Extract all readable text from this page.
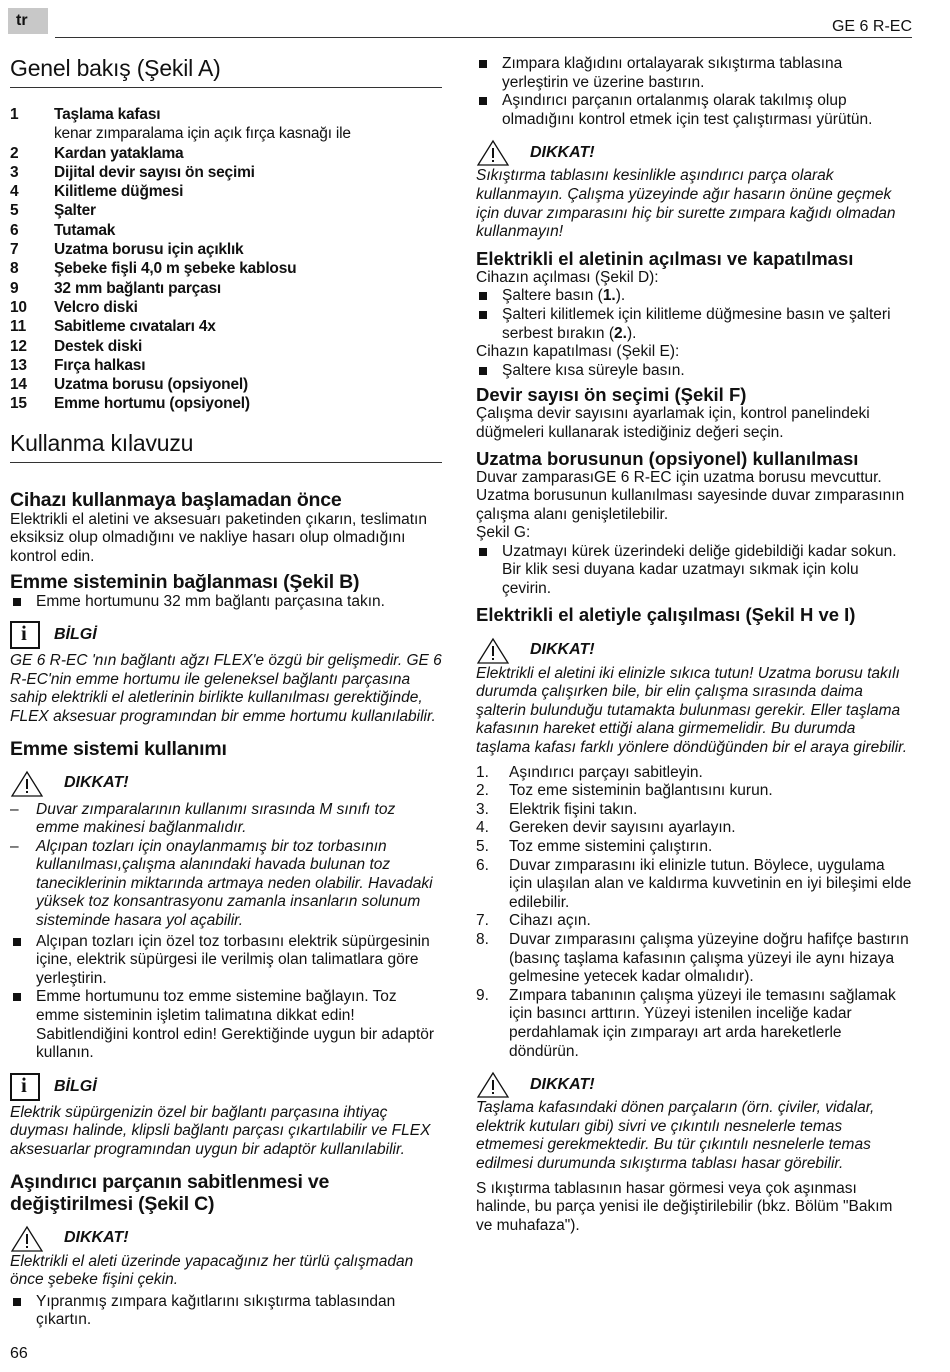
tr	GE 6 R-EC
Genel bakış (Şekil A)
1	Taşlama kafası
kenar zımparalama için açık fırça kasnağı ile
2	Kardan yataklama
3	Dijital devir sayısı ön seçimi
4	Kilitleme düğmesi
5	Şalter
6	Tutamak
7	Uzatma borusu için açıklık
8	Şebeke fişli 4,0 m şebeke kablosu
9	32 mm bağlantı parçası
10	Velcro diski
11	Sabitleme cıvataları 4x
12	Destek diski
13	Fırça halkası
14	Uzatma borusu (opsiyonel)
15	Emme hortumu (opsiyonel)
Kullanma kılavuzu
Cihazı kullanmaya başlamadan önce

Elektrikli el aletini ve aksesuarı paketinden çıkarın, teslimatın eksiksiz olup olmadığını ve nakliye hasarı olup olmadığını kontrol edin.

Emme sisteminin bağlanması (Şekil B)
Emme hortumunu 32 mm bağlantı parçasına takın.
i BİLGİ

GE 6 R-EC 'nın bağlantı ağzı FLEX'e özgü bir gelişmedir. GE 6 R-EC'nin emme hortumu ile geleneksel bağlantı parçasına sahip elektrikli el aletlerinin birlikte kullanılması gerektiğinde, FLEX aksesuar programından bir emme hortumu kullanılabilir.

Emme sistemi kullanımı
DIKKAT!
–	Duvar zımparalarının kullanımı sırasında M sınıfı toz emme makinesi bağlanmalıdır.
–	Alçıpan tozları için onaylanmamış bir toz torbasının kullanılması,çalışma alanındaki havada bulunan toz taneciklerinin miktarında artmaya neden olabilir. Havadaki yüksek toz konsantrasyonu zamanla insanların solunum sisteminde hasara yol açabilir.
Alçıpan tozları için özel toz torbasını elektrik süpürgesinin içine, elektrik süpürgesi ile verilmiş olan talimatlara göre yerleştirin.
Emme hortumunu toz emme sistemine bağlayın. Toz emme sisteminin işletim talimatına dikkat edin! Sabitlendiğini kontrol edin! Gerektiğinde uygun bir adaptör kullanın.
i BİLGİ

Elektrik süpürgenizin özel bir bağlantı parçasına ihtiyaç duyması halinde, klipsli bağlantı parçası çıkartılabilir ve FLEX aksesuarlar programından uygun bir adaptör kullanılabilir.

Aşındırıcı parçanın sabitlenmesi ve
değiştirilmesi (Şekil C)
DIKKAT!

Elektrikli el aleti üzerinde yapacağınız her türlü çalışmadan önce şebeke fişini çekin.

Yıpranmış zımpara kağıtlarını sıkıştırma tablasından çıkartın.
Zımpara klağıdını ortalayarak sıkıştırma tablasına yerleştirin ve üzerine bastırın.
Aşındırıcı parçanın ortalanmış olarak takılmış olup olmadığını kontrol etmek için test çalıştırması yürütün.
DIKKAT!

Sıkıştırma tablasını kesinlikle aşındırıcı parça olarak kullanmayın. Çalışma yüzeyinde ağır hasarın önüne geçmek için duvar zımparasını hiç bir surette zımpara kağıdı olmadan kullanmayın!

Elektrikli el aletinin açılması ve kapatılması

Cihazın açılması (Şekil D):

Şaltere basın (1.).
Şalteri kilitlemek için kilitleme düğmesine basın ve şalteri serbest bırakın (2.).

Cihazın kapatılması (Şekil E):

Şaltere kısa süreyle basın.
Devir sayısı ön seçimi (Şekil F)

Çalışma devir sayısını ayarlamak için, kontrol panelindeki düğmeleri kullanarak istediğiniz değeri seçin.

Uzatma borusunun (opsiyonel) kullanılması

Duvar zamparasıGE 6 R-EC için uzatma borusu mevcuttur. Uzatma borusunun kullanılması sayesinde duvar zımparasının çalışma alanı genişletilebilir.

Şekil G:

Uzatmayı kürek üzerindeki deliğe gidebildiği kadar sokun.

Bir klik sesi duyana kadar uzatmayı sıkmak için kolu çevirin.

Elektrikli el aletiyle çalışılması (Şekil H ve I)
DIKKAT!

Elektrikli el aletini iki elinizle sıkıca tutun! Uzatma borusu takılı durumda çalışırken bile, bir elin çalışma sırasında daima şalterin bulunduğu tutamakta bulunması gerekir. Eller taşlama kafasının hareket ettiği alana girmemelidir. Bu durumda taşlama kafası farklı yönlere döndüğünden bir el araya girebilir.

1.	Aşındırıcı parçayı sabitleyin.
2.	Toz eme sisteminin bağlantısını kurun.
3.	Elektrik fişini takın.
4.	Gereken devir sayısını ayarlayın.
5.	Toz emme sistemini çalıştırın.
6.	Duvar zımparasını iki elinizle tutun. Böylece, uygulama için ulaşılan alan ve kaldırma kuvvetinin en iyi bileşimi elde edilebilir.
7.	Cihazı açın.
8.	Duvar zımparasını çalışma yüzeyine doğru hafifçe bastırın (basınç taşlama kafasının çalışma yüzeyi ile aynı hizaya gelmesine yetecek kadar olmalıdır).
9.	Zımpara tabanının çalışma yüzeyi ile temasını sağlamak için basıncı arttırın. Yüzeyi istenilen inceliğe kadar perdahlamak için zımparayı art arda hareketlerle döndürün.
DIKKAT!

Taşlama kafasındaki dönen parçaların (örn. çiviler, vidalar, elektrik kutuları gibi) sivri ve çıkıntılı nesnelerle temas etmemesi gerekmektedir. Bu tür çıkıntılı nesnelerle temas edilmesi durumunda sıkıştırma tablası hasar görebilir.

S ıkıştırma tablasının hasar görmesi veya çok aşınması halinde, bu parça yenisi ile değiştirilebilir (bkz. Bölüm "Bakım ve muhafaza").

66
